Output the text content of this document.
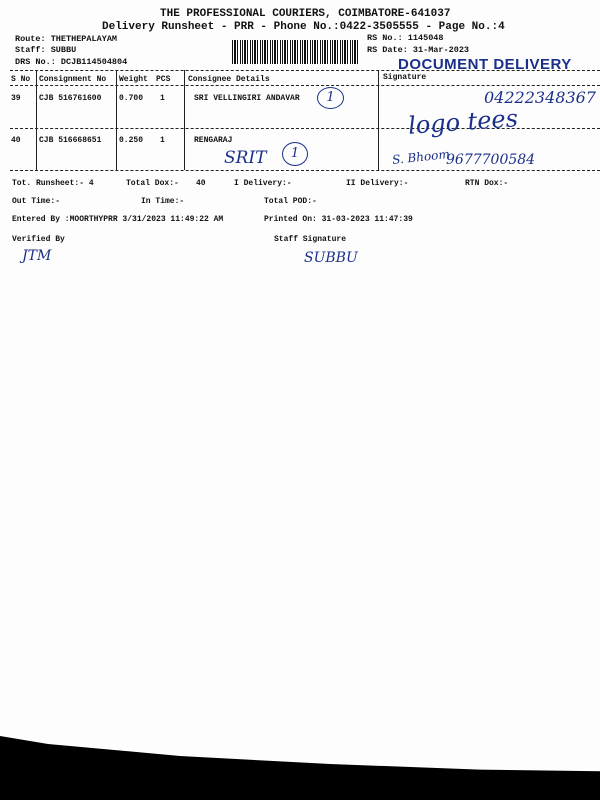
THE PROFESSIONAL COURIERS, COIMBATORE-641037
Delivery Runsheet - PRR - Phone No.:0422-3505555 - Page No.:4
Route: THETHEPALAYAM
Staff: SUBBU
DRS No.: DCJB114504804
RS No.: 1145048
RS Date: 31-Mar-2023
DOCUMENT DELIVERY
S No Consignment No Weight PCS Consignee Details	Signature
39 CJB 516761600 0.700 1	SRI VELLINGIRI ANDAVAR
40 CJB 516668651 0.250 1	RENGARAJ
1	04222348367
logo tees
SRIT	1	S. Bhoom
9677700584
Tot. Runsheet:- 4	Total Dox:- 40	I Delivery:-	II Delivery:-	RTN Dox:-
Out Time:-	In Time:-	Total POD:-
Entered By :MOORTHYPRR 3/31/2023 11:49:22 AM	Printed On: 31-03-2023 11:47:39
Verified By	Staff Signature
JTM	SUBBU
